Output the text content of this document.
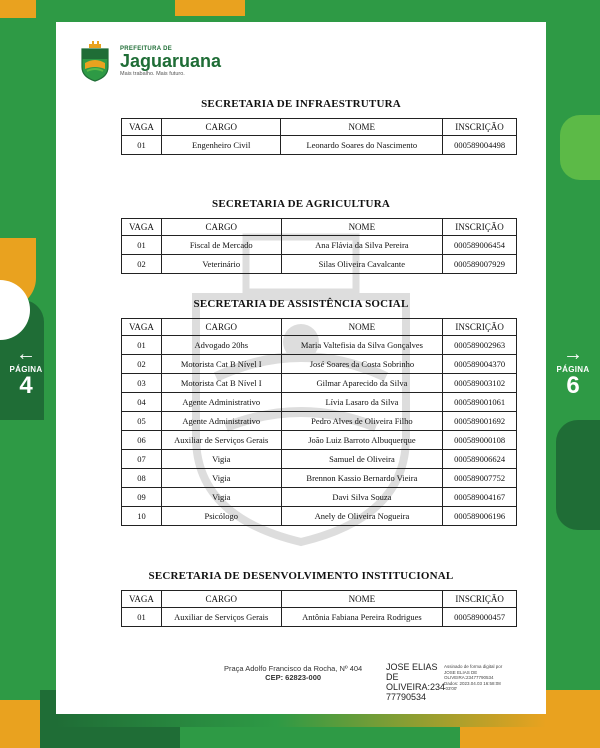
←
PÁGINA
4
→
PÁGINA
6
PREFEITURA DE
Jaguaruana
Mais trabalho. Mais futuro.
SECRETARIA DE INFRAESTRUTURA
VAGA	CARGO	NOME	INSCRIÇÃO
01	Engenheiro Civil	Leonardo Soares do Nascimento	000589004498
SECRETARIA DE AGRICULTURA
VAGA	CARGO	NOME	INSCRIÇÃO
01	Fiscal de Mercado	Ana Flávia da Silva Pereira	000589006454
02	Veterinário	Silas Oliveira Cavalcante	000589007929
SECRETARIA DE ASSISTÊNCIA SOCIAL
VAGA	CARGO	NOME	INSCRIÇÃO
01	Advogado 20hs	Maria Valtefisia da Silva Gonçalves	000589002963
02	Motorista Cat B Nível I	José Soares da Costa Sobrinho	000589004370
03	Motorista Cat B Nível I	Gilmar Aparecido da Silva	000589003102
04	Agente Administrativo	Lívia Lasaro da Silva	000589001061
05	Agente Administrativo	Pedro Alves de Oliveira Filho	000589001692
06	Auxiliar de Serviços Gerais	João Luiz Barroto Albuquerque	000589000108
07	Vigia	Samuel de Oliveira	000589006624
08	Vigia	Brennon Kassio Bernardo Vieira	000589007752
09	Vigia	Davi Silva Souza	000589004167
10	Psicólogo	Anely de Oliveira Nogueira	000589006196
SECRETARIA DE DESENVOLVIMENTO INSTITUCIONAL
VAGA	CARGO	NOME	INSCRIÇÃO
01	Auxiliar de Serviços Gerais	Antônia Fabiana Pereira Rodrigues	000589000457
Praça Adolfo Francisco da Rocha, Nº 404
CEP: 62823-000
JOSE ELIAS DE OLIVEIRA:234 77790534
Assinado de forma digital por JOSE ELIAS DE OLIVEIRA:23477790534 Dados: 2023.04.03 16:58:08 -03'00'
